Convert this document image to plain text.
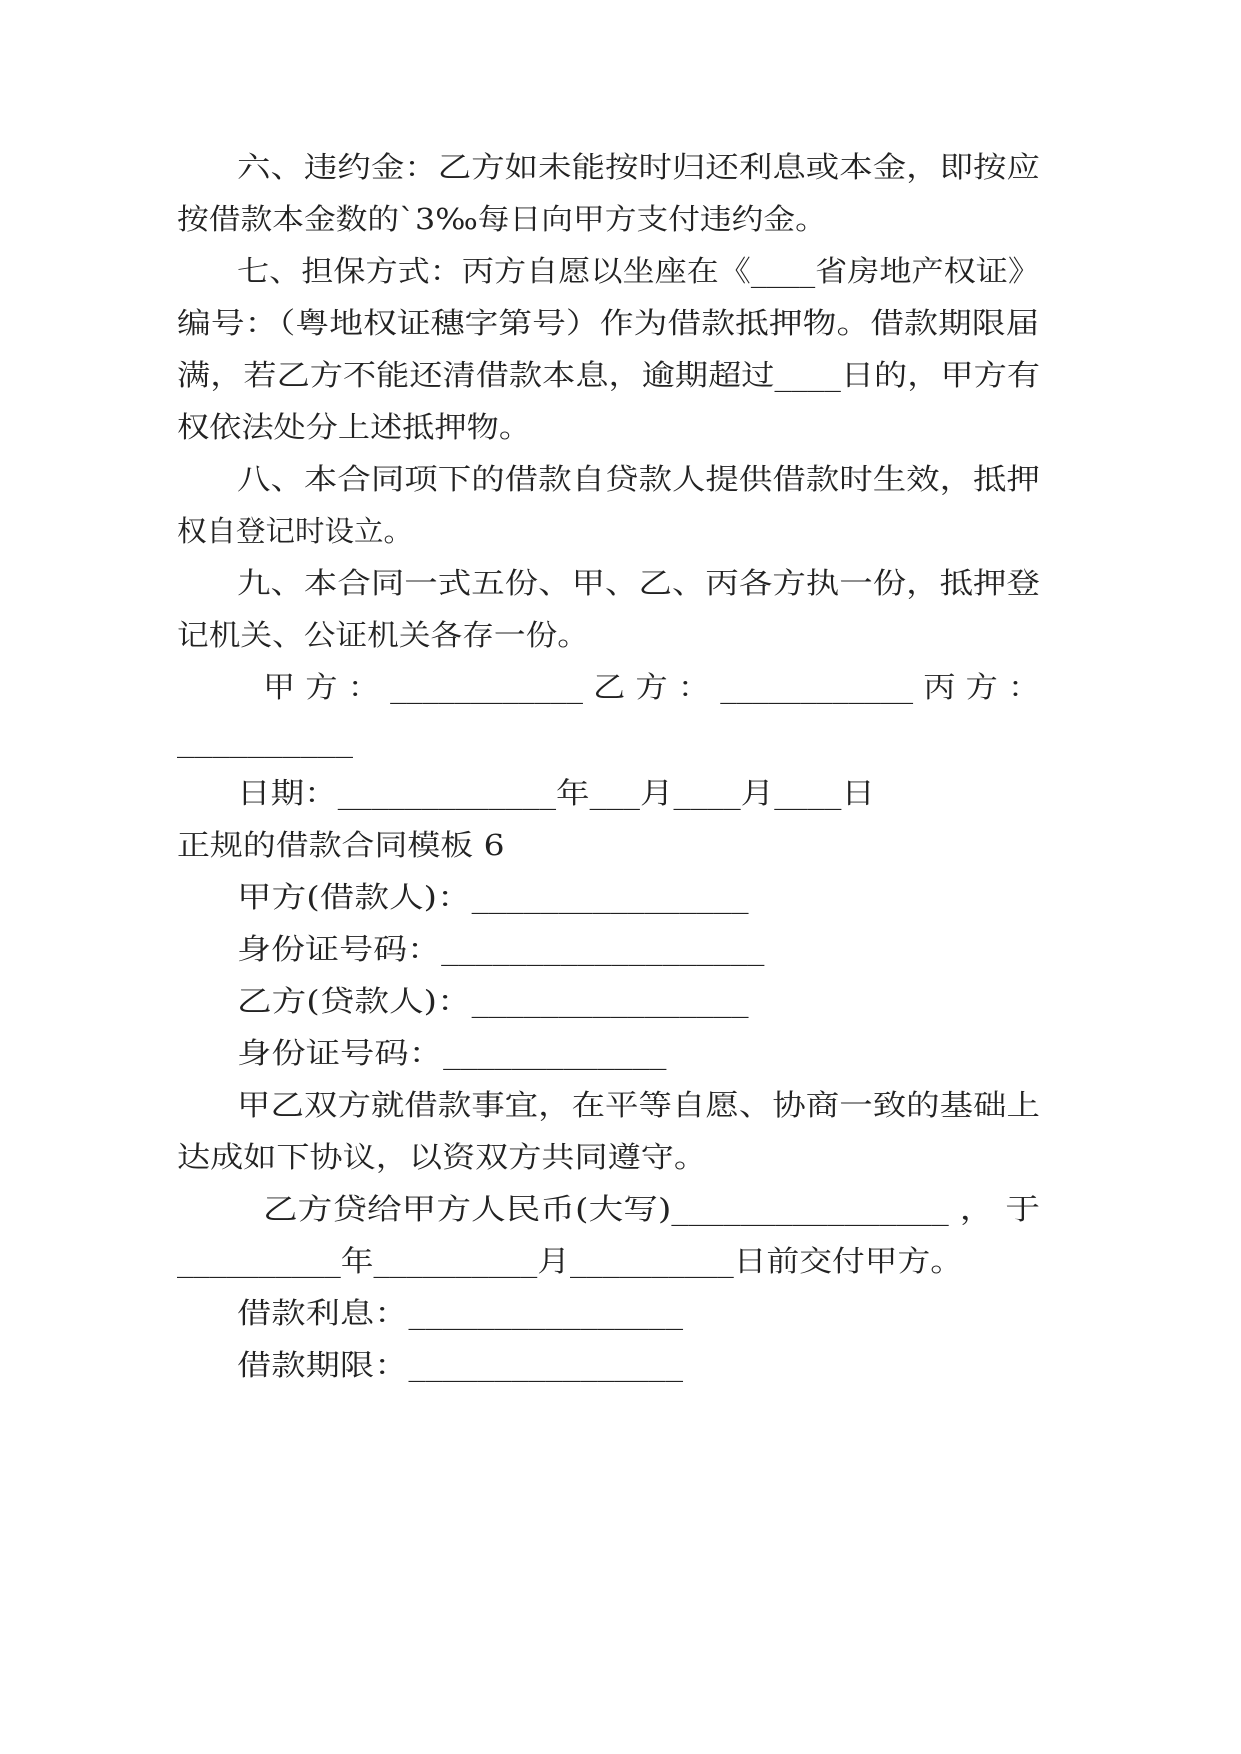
六、违约金：乙方如未能按时归还利息或本金，即按应
按借款本金数的`3‰每日向甲方支付违约金。
七、担保方式：丙方自愿以坐座在《____省房地产权证》
编号：（粤地权证穗字第号）作为借款抵押物。借款期限届
满，若乙方不能还清借款本息，逾期超过____日的，甲方有
权依法处分上述抵押物。
八、本合同项下的借款自贷款人提供借款时生效，抵押
权自登记时设立。
九、本合同一式五份、甲、乙、丙各方执一份，抵押登
记机关、公证机关各存一份。
甲 方 ： ____________ 乙 方 ： ____________ 丙 方 ：
__________
日期：_____________年___月____月____日
正规的借款合同模板 6
甲方(借款人)：________________
身份证号码：___________________
乙方(贷款人)：________________
身份证号码：_____________
甲乙双方就借款事宜，在平等自愿、协商一致的基础上
达成如下协议，以资双方共同遵守。
乙方贷给甲方人民币(大写)________________ ， 于
__________年__________月__________日前交付甲方。
借款利息：________________
借款期限：________________
